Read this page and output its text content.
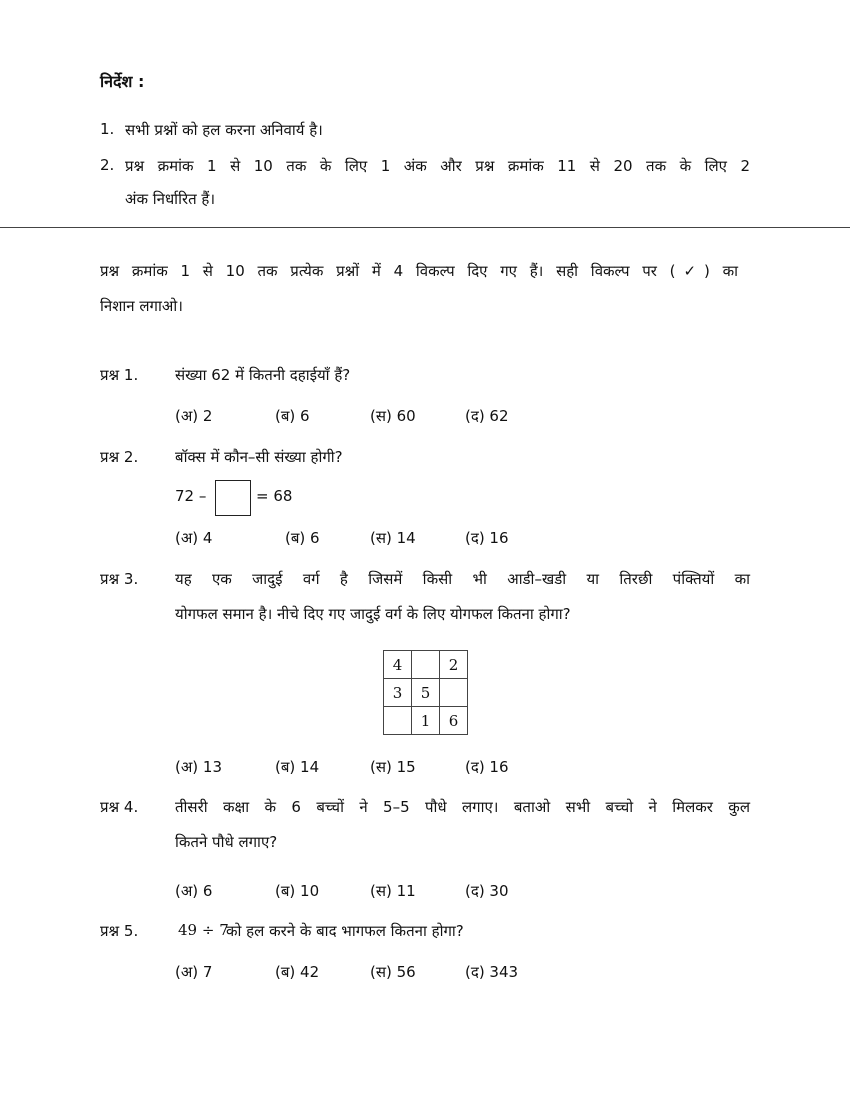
निर्देश :
1. सभी प्रश्नों को हल करना अनिवार्य है।
2. प्रश्न क्रमांक 1 से 10 तक के लिए 1 अंक और प्रश्न क्रमांक 11 से 20 तक के लिए 2
अंक निर्धारित हैं।
प्रश्न क्रमांक 1 से 10 तक प्रत्येक प्रश्नों में 4 विकल्प दिए गए हैं। सही विकल्प पर (✓) का
निशान लगाओ।
प्रश्न 1. संख्या 62 में कितनी दहाईयाँ हैं?
(अ) 2	(ब) 6	(स) 60	(द) 62
प्रश्न 2. बॉक्स में कौन–सी संख्या होगी?
72 –	= 68
(अ) 4	(ब) 6	(स) 14	(द) 16
प्रश्न 3. यह एक जादुई वर्ग है जिसमें किसी भी आडी–खडी या तिरछी पंक्तियों का
योगफल समान है। नीचे दिए गए जादुई वर्ग के लिए योगफल कितना होगा?
4		2
3	5	
	1	6
(अ) 13	(ब) 14	(स) 15	(द) 16
प्रश्न 4. तीसरी कक्षा के 6 बच्चों ने 5–5 पौधे लगाए। बताओ सभी बच्चो ने मिलकर कुल
कितने पौधे लगाए?
(अ) 6	(ब) 10	(स) 11	(द) 30
प्रश्न 5.	49 ÷ 7
को हल करने के बाद भागफल कितना होगा?
(अ) 7	(ब) 42	(स) 56	(द) 343
